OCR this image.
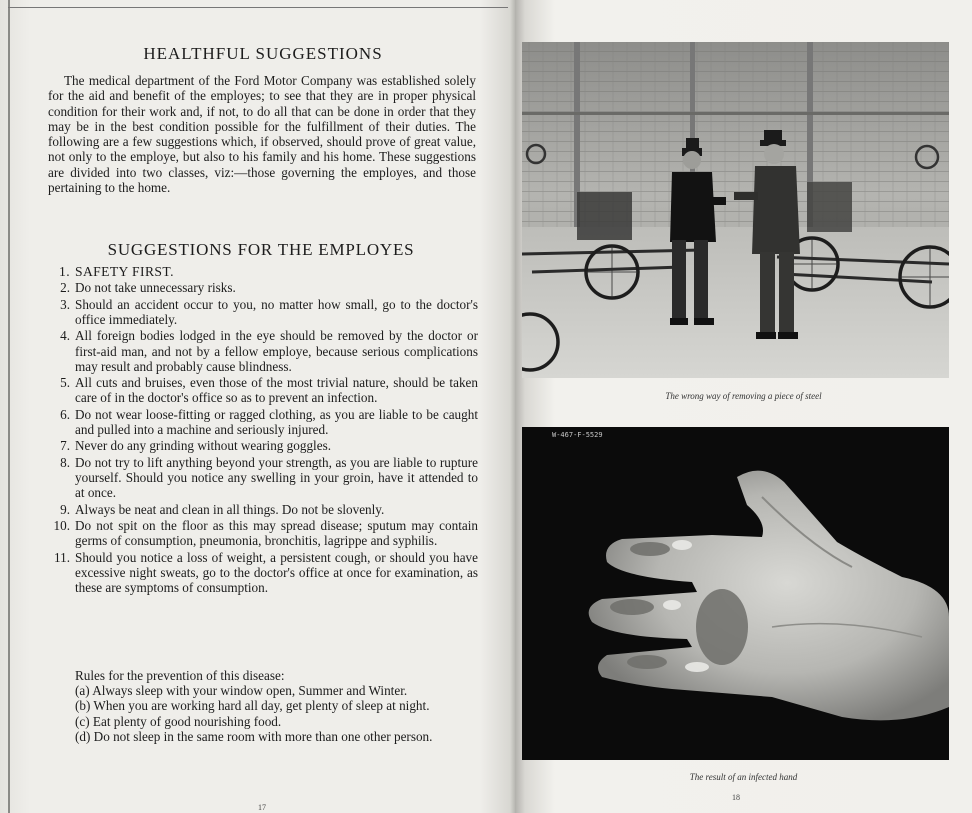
HEALTHFUL SUGGESTIONS

The medical department of the Ford Motor Company was established solely for the aid and benefit of the employes; to see that they are in proper physical condition for their work and, if not, to do all that can be done in order that they may be in the best condition possible for the fulfillment of their duties. The following are a few suggestions which, if observed, should prove of great value, not only to the employe, but also to his family and his home. These suggestions are divided into two classes, viz:—those governing the employes, and those pertaining to the home.

SUGGESTIONS FOR THE EMPLOYES
1. SAFETY FIRST.
2. Do not take unnecessary risks.
3. Should an accident occur to you, no matter how small, go to the doctor's office immediately.
4. All foreign bodies lodged in the eye should be removed by the doctor or first-aid man, and not by a fellow employe, because serious complications may result and probably cause blindness.
5. All cuts and bruises, even those of the most trivial nature, should be taken care of in the doctor's office so as to prevent an infection.
6. Do not wear loose-fitting or ragged clothing, as you are liable to be caught and pulled into a machine and seriously injured.
7. Never do any grinding without wearing goggles.
8. Do not try to lift anything beyond your strength, as you are liable to rupture yourself. Should you notice any swelling in your groin, have it attended to at once.
9. Always be neat and clean in all things. Do not be slovenly.
10. Do not spit on the floor as this may spread disease; sputum may contain germs of consumption, pneumonia, bronchitis, lagrippe and syphilis.
11. Should you notice a loss of weight, a persistent cough, or should you have excessive night sweats, go to the doctor's office at once for examination, as these are symptoms of consumption.

Rules for the prevention of this disease:

(a) Always sleep with your window open, Summer and Winter.

(b) When you are working hard all day, get plenty of sleep at night.

(c) Eat plenty of good nourishing food.

(d) Do not sleep in the same room with more than one other person.

17

The wrong way of removing a piece of steel

W-467-F-5529

The result of an infected hand

18
